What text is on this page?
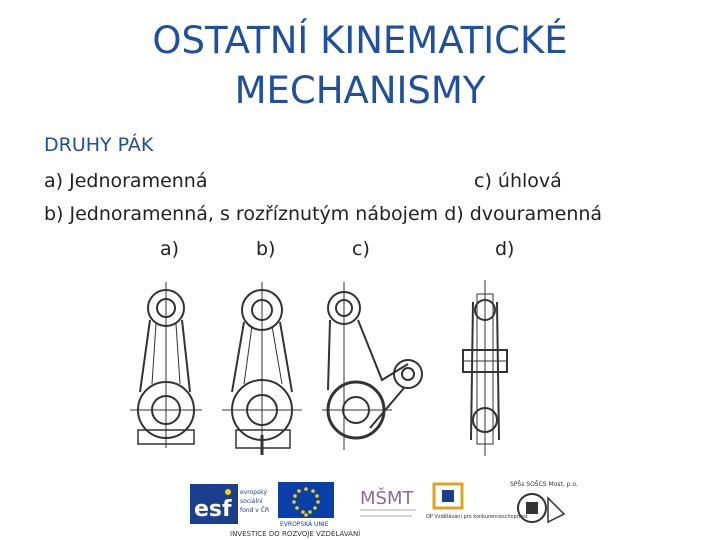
OSTATNÍ KINEMATICKÉ
MECHANISMY
DRUHY PÁK
a) Jednoramenná	c) úhlová
b) Jednoramenná, s rozříznutým nábojem d) dvouramenná
a)	b)	c)	d)
esf
evropský
sociální
fond v ČR
EVROPSKÁ UNIE
MŠMT
OP Vzdělávání pro konkurenceschopnost
SPŠs SOŠCS Most, p.o.
INVESTICE DO ROZVOJE VZDĚLÁVÁNÍ
